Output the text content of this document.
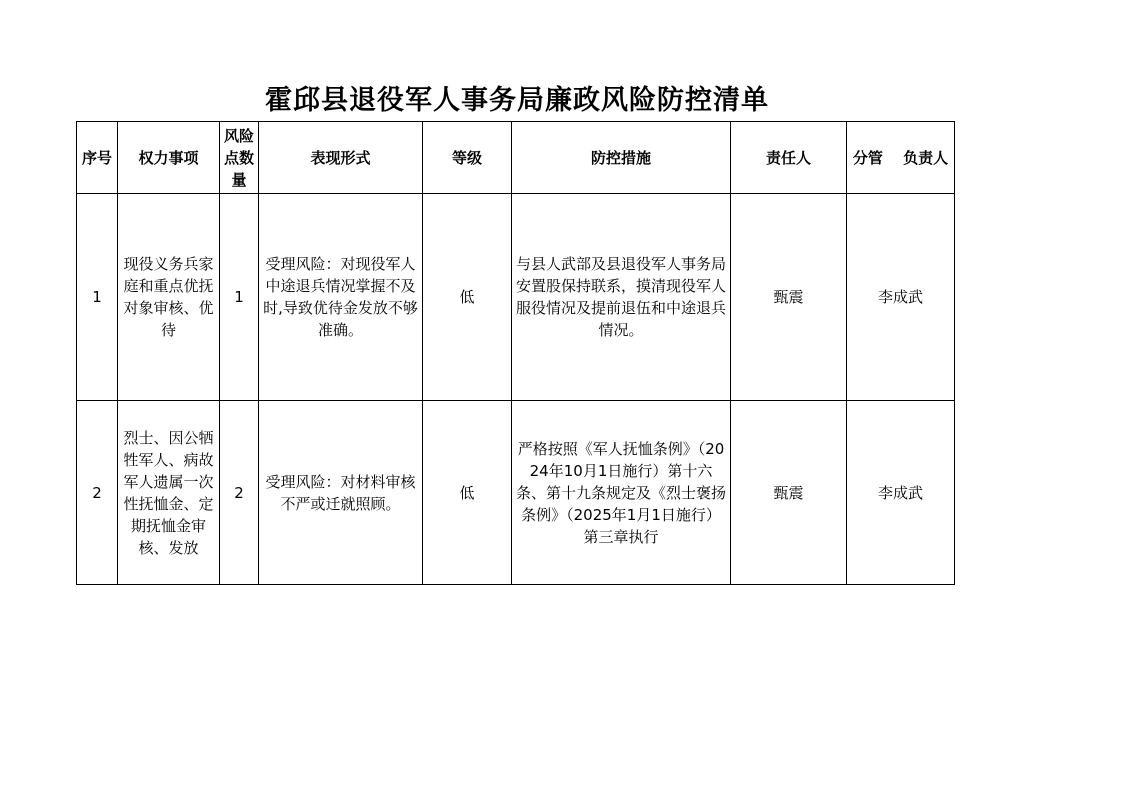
霍邱县退役军人事务局廉政风险防控清单
序号	权力事项	风险点数量	表现形式	等级	防控措施	责任人	分管　 负责人
1	现役义务兵家庭和重点优抚对象审核、优待	1	受理风险：对现役军人中途退兵情况掌握不及时,导致优待金发放不够准确。	低	与县人武部及县退役军人事务局安置股保持联系，摸清现役军人服役情况及提前退伍和中途退兵情况。	甄震	李成武
2	烈士、因公牺牲军人、病故军人遗属一次性抚恤金、定期抚恤金审核、发放	2	受理风险：对材料审核不严或迁就照顾。	低	严格按照《军人抚恤条例》（2024年10月1日施行）第十六条、第十九条规定及《烈士褒扬条例》（2025年1月1日施行）第三章执行	甄震	李成武
